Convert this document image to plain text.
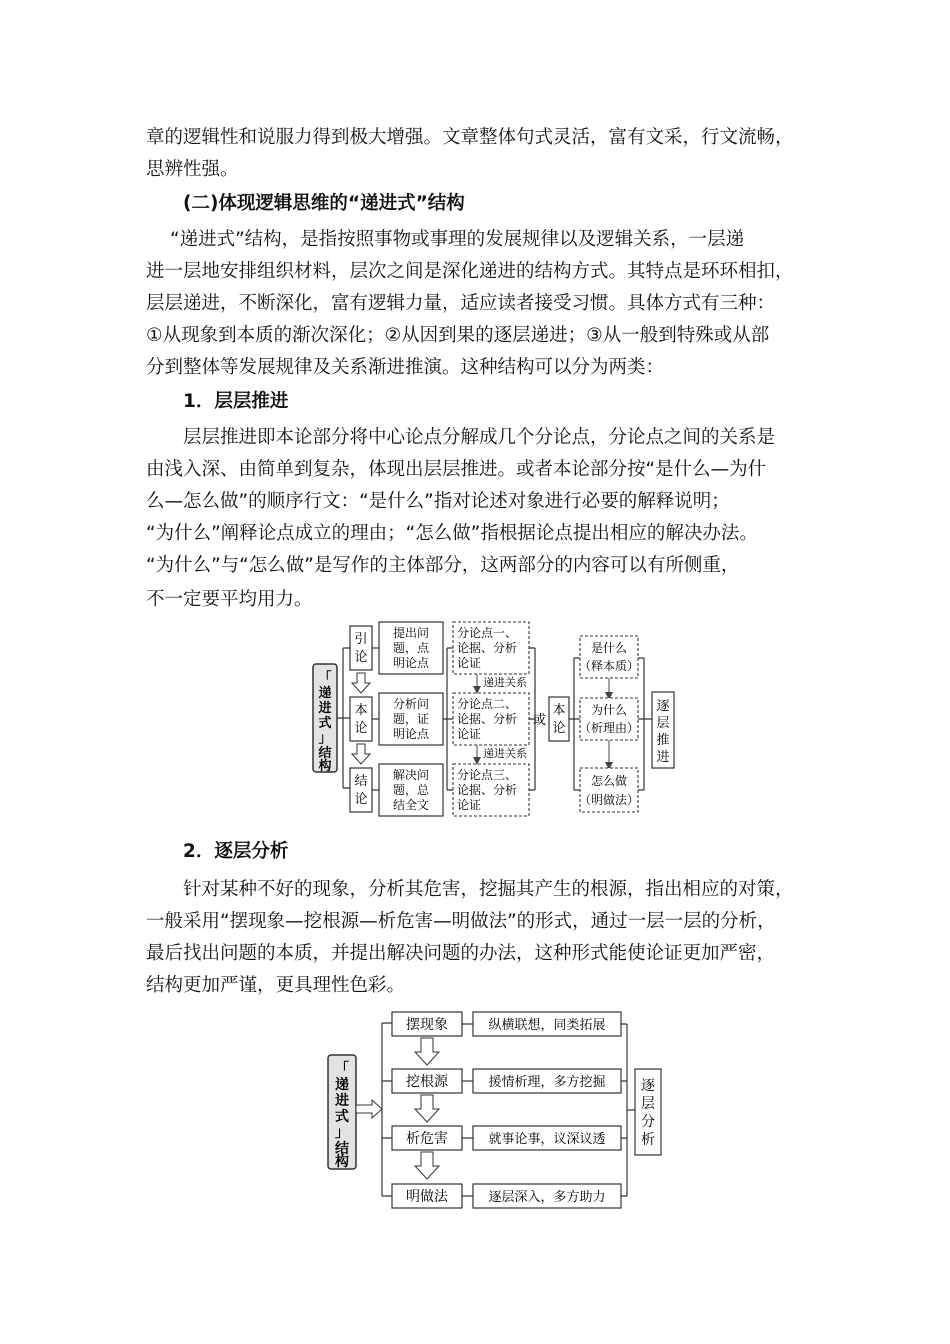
章的逻辑性和说服力得到极大增强。文章整体句式灵活，富有文采，行文流畅，
思辨性强。
(二)体现逻辑思维的“递进式”结构
“递进式”结构，是指按照事物或事理的发展规律以及逻辑关系，一层递
进一层地安排组织材料，层次之间是深化递进的结构方式。其特点是环环相扣，
层层递进，不断深化，富有逻辑力量，适应读者接受习惯。具体方式有三种：
①从现象到本质的渐次深化；②从因到果的逐层递进；③从一般到特殊或从部
分到整体等发展规律及关系渐进推演。这种结构可以分为两类：
1．层层推进
层层推进即本论部分将中心论点分解成几个分论点，分论点之间的关系是
由浅入深、由简单到复杂，体现出层层推进。或者本论部分按“是什么—为什
么—怎么做”的顺序行文：“是什么”指对论述对象进行必要的解释说明；
“为什么”阐释论点成立的理由；“怎么做”指根据论点提出相应的解决办法。
“为什么”与“怎么做”是写作的主体部分，这两部分的内容可以有所侧重，
不一定要平均用力。
「
递
进
式
」
结
构
引
论
本
论
结
论
提出问
题，点
明论点
分析问
题，证
明论点
解决问
题，总
结全文
分论点一、
论据、分析
论证
分论点二、
论据、分析
论证
分论点三、
论据、分析
论证
递进关系
递进关系
或
本
论
是什么
（释本质）
为什么
（析理由）
怎么做
（明做法）
逐
层
推
进
2．逐层分析
针对某种不好的现象，分析其危害，挖掘其产生的根源，指出相应的对策，
一般采用“摆现象—挖根源—析危害—明做法”的形式，通过一层一层的分析，
最后找出问题的本质，并提出解决问题的办法，这种形式能使论证更加严密，
结构更加严谨，更具理性色彩。
「
递
进
式
」
结
构
摆现象
挖根源
析危害
明做法
纵横联想，同类拓展
援情析理，多方挖掘
就事论事，议深议透
逐层深入，多方助力
逐
层
分
析
